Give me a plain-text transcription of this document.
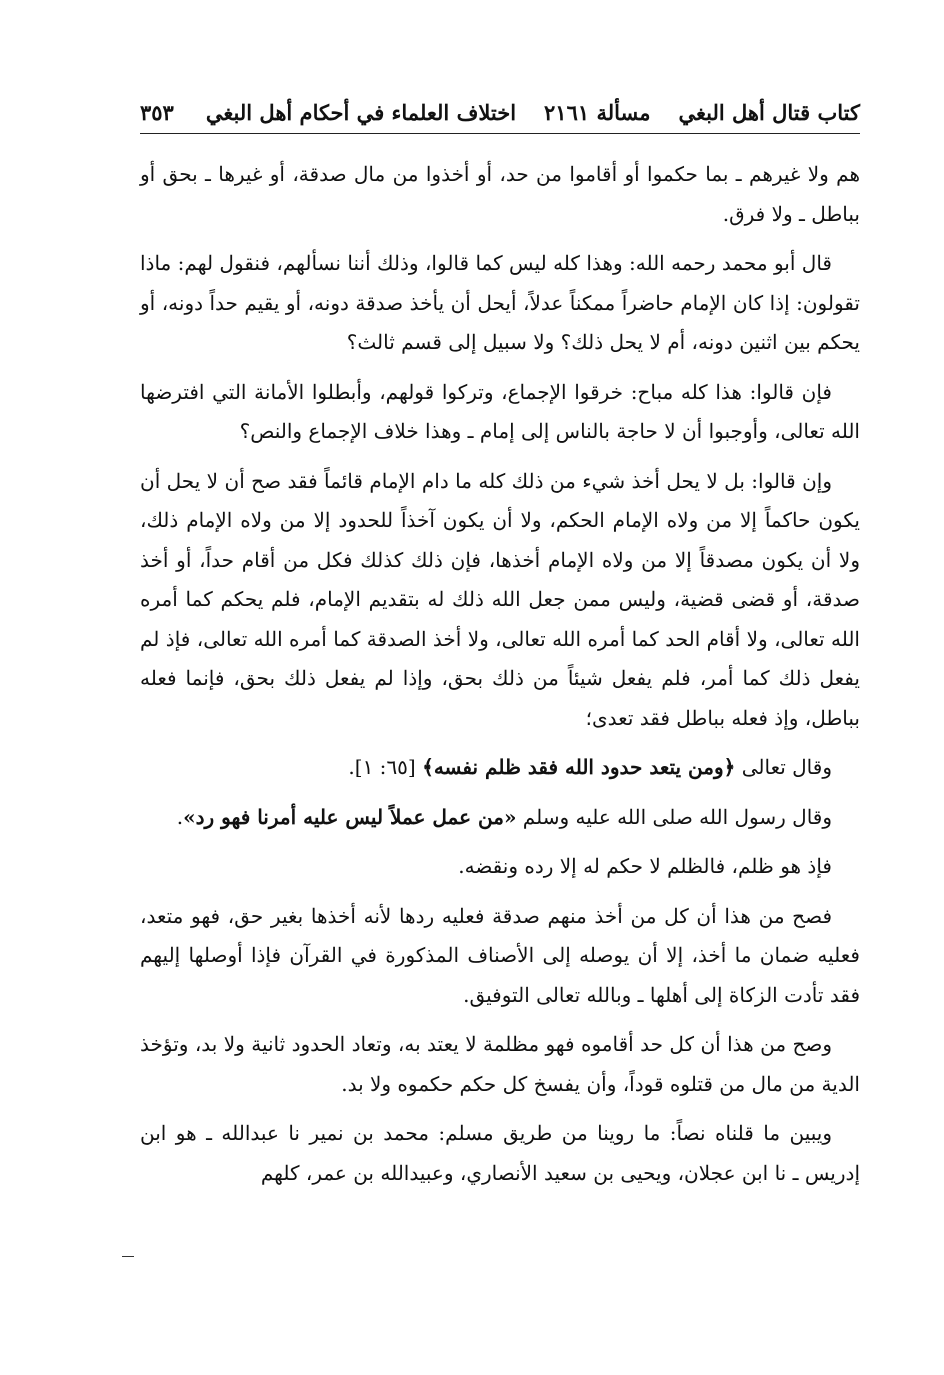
كتاب قتال أهل البغي
مسألة ٢١٦١
اختلاف العلماء في أحكام أهل البغي
٣٥٣

هم ولا غيرهم ـ بما حكموا أو أقاموا من حد، أو أخذوا من مال صدقة، أو غيرها ـ بحق أو بباطل ـ ولا فرق.

قال أبو محمد رحمه الله: وهذا كله ليس كما قالوا، وذلك أننا نسألهم، فنقول لهم: ماذا تقولون: إذا كان الإمام حاضراً ممكناً عدلاً، أيحل أن يأخذ صدقة دونه، أو يقيم حداً دونه، أو يحكم بين اثنين دونه، أم لا يحل ذلك؟ ولا سبيل إلى قسم ثالث؟

فإن قالوا: هذا كله مباح: خرقوا الإجماع، وتركوا قولهم، وأبطلوا الأمانة التي افترضها الله تعالى، وأوجبوا أن لا حاجة بالناس إلى إمام ـ وهذا خلاف الإجماع والنص؟

وإن قالوا: بل لا يحل أخذ شيء من ذلك كله ما دام الإمام قائماً فقد صح أن لا يحل أن يكون حاكماً إلا من ولاه الإمام الحكم، ولا أن يكون آخذاً للحدود إلا من ولاه الإمام ذلك، ولا أن يكون مصدقاً إلا من ولاه الإمام أخذها، فإن ذلك كذلك فكل من أقام حداً، أو أخذ صدقة، أو قضى قضية، وليس ممن جعل الله ذلك له بتقديم الإمام، فلم يحكم كما أمره الله تعالى، ولا أقام الحد كما أمره الله تعالى، ولا أخذ الصدقة كما أمره الله تعالى، فإذ لم يفعل ذلك كما أمر، فلم يفعل شيئاً من ذلك بحق، وإذا لم يفعل ذلك بحق، فإنما فعله بباطل، وإذ فعله بباطل فقد تعدى؛

وقال تعالى ﴿ومن يتعد حدود الله فقد ظلم نفسه﴾ [٦٥: ١].

وقال رسول الله صلى الله عليه وسلم «من عمل عملاً ليس عليه أمرنا فهو رد».

فإذ هو ظلم، فالظلم لا حكم له إلا رده ونقضه.

فصح من هذا أن كل من أخذ منهم صدقة فعليه ردها لأنه أخذها بغير حق، فهو متعد، فعليه ضمان ما أخذ، إلا أن يوصله إلى الأصناف المذكورة في القرآن فإذا أوصلها إليهم فقد تأدت الزكاة إلى أهلها ـ وبالله تعالى التوفيق.

وصح من هذا أن كل حد أقاموه فهو مظلمة لا يعتد به، وتعاد الحدود ثانية ولا بد، وتؤخذ الدية من مال من قتلوه قوداً، وأن يفسخ كل حكم حكموه ولا بد.

ويبين ما قلناه نصاً: ما روينا من طريق مسلم: محمد بن نمير نا عبدالله ـ هو ابن إدريس ـ نا ابن عجلان، ويحيى بن سعيد الأنصاري، وعبيدالله بن عمر، كلهم
